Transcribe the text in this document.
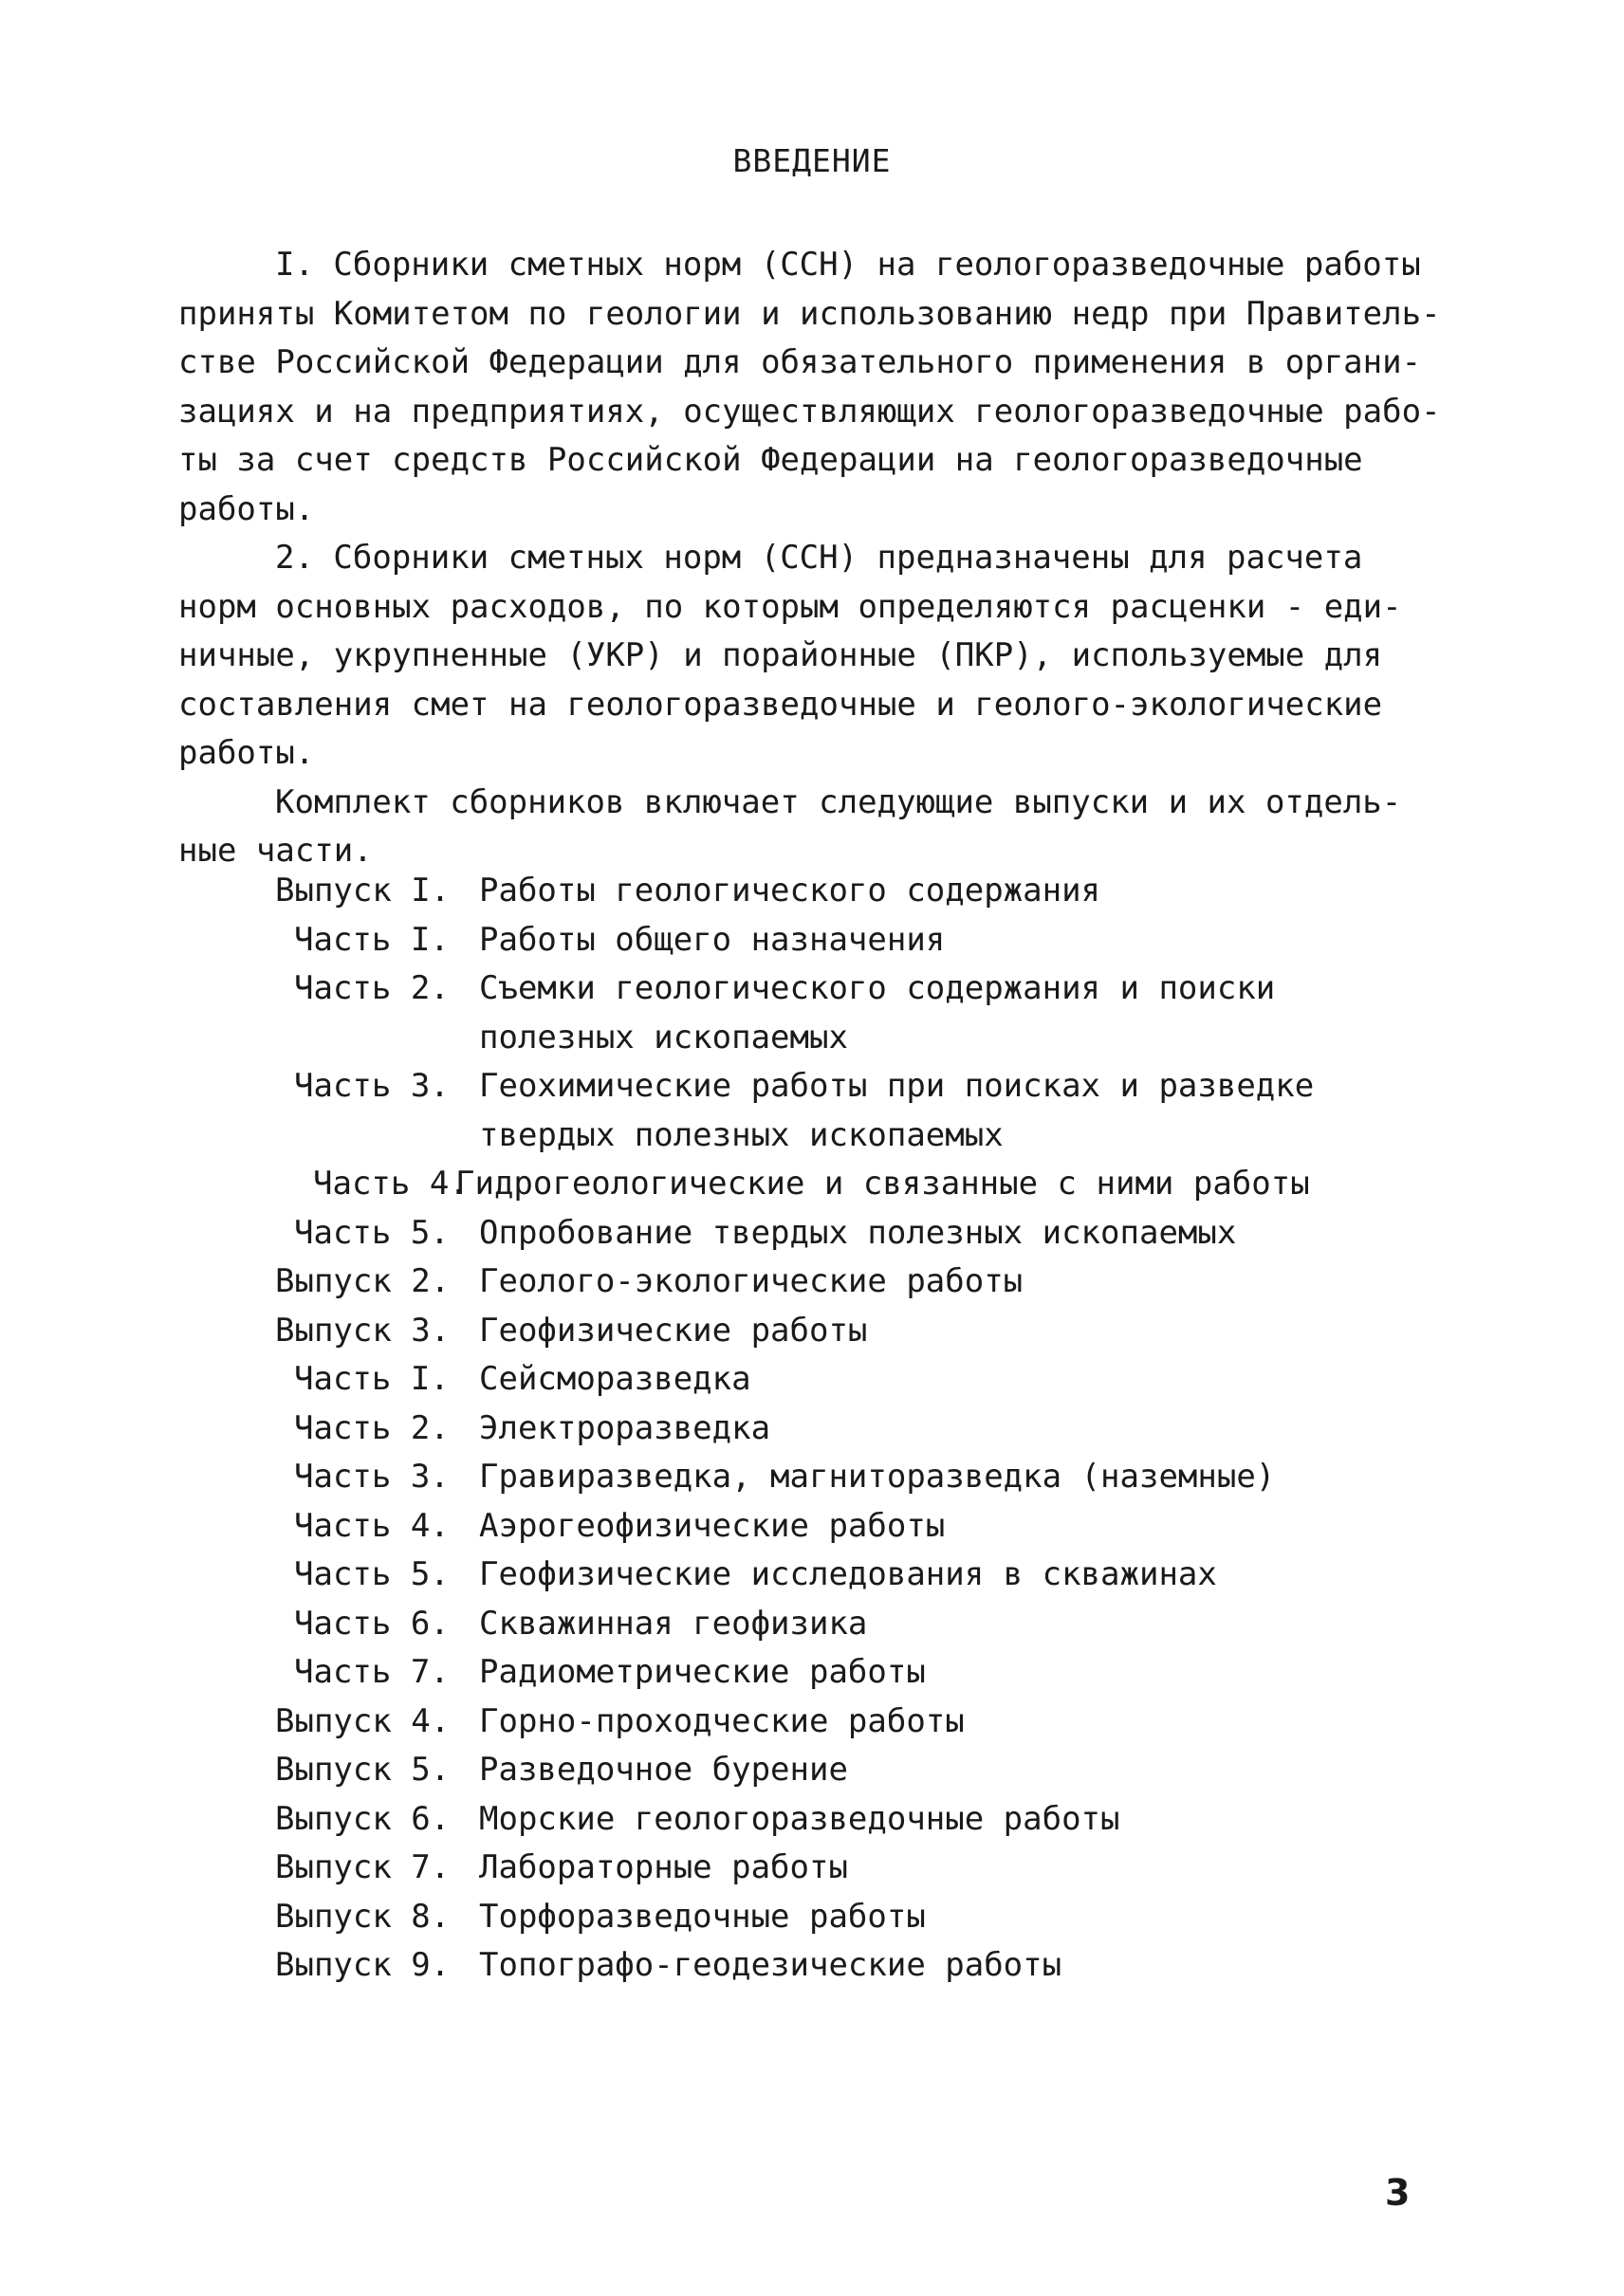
ВВЕДЕНИЕ
I. Сборники сметных норм (ССН) на геологоразведочные работы
приняты Комитетом по геологии и использованию недр при Правитель-
стве Российской Федерации для обязательного применения в органи-
зациях и на предприятиях, осуществляющих геологоразведочные рабо-
ты за счет средств Российской Федерации на геологоразведочные
работы.
2. Сборники сметных норм (ССН) предназначены для расчета
норм основных расходов, по которым определяются расценки - еди-
ничные, укрупненные (УКР) и порайонные (ПКР), используемые для
составления смет на геологоразведочные и геолого-экологические
работы.
Комплект сборников включает следующие выпуски и их отдель-
ные части.
Выпуск I. Работы геологического содержания
Часть I. Работы общего назначения
Часть 2. Съемки геологического содержания и поиски
полезных ископаемых
Часть 3. Геохимические работы при поисках и разведке
твердых полезных ископаемых
Часть 4.
Гидрогеологические и связанные с ними работы
Часть 5. Опробование твердых полезных ископаемых
Выпуск 2. Геолого-экологические работы
Выпуск 3. Геофизические работы
Часть I. Сейсморазведка
Часть 2. Электроразведка
Часть 3. Гравиразведка, магниторазведка (наземные)
Часть 4. Аэрогеофизические работы
Часть 5. Геофизические исследования в скважинах
Часть 6. Скважинная геофизика
Часть 7. Радиометрические работы
Выпуск 4. Горно-проходческие работы
Выпуск 5. Разведочное бурение
Выпуск 6. Морские геологоразведочные работы
Выпуск 7. Лабораторные работы
Выпуск 8. Торфоразведочные работы
Выпуск 9. Топографо-геодезические работы
3
